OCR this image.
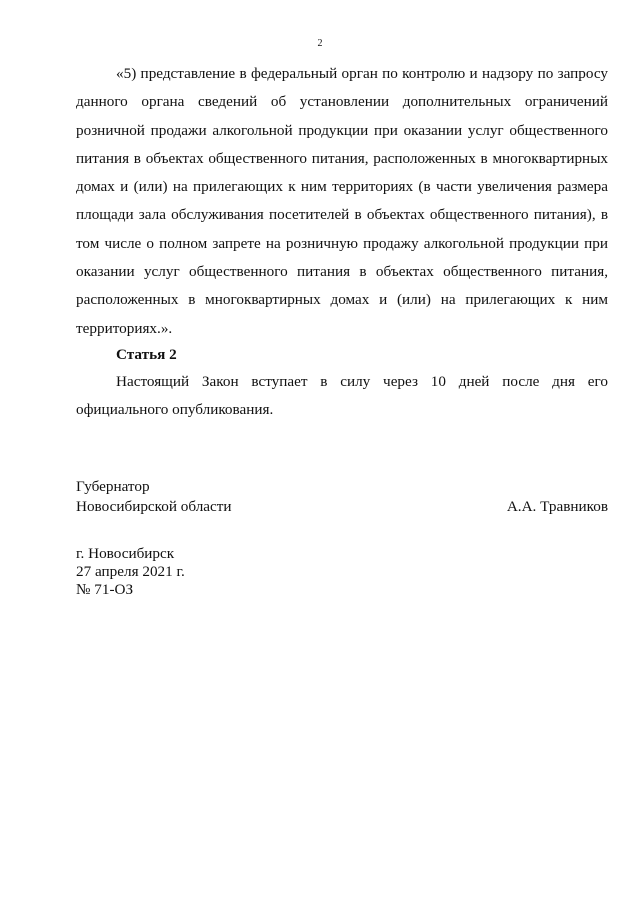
2

«5) представление в федеральный орган по контролю и надзору по запросу данного органа сведений об установлении дополнительных ограничений розничной продажи алкогольной продукции при оказании услуг общественного питания в объектах общественного питания, расположенных в многоквартирных домах и (или) на прилегающих к ним территориях (в части увеличения размера площади зала обслуживания посетителей в объектах общественного питания), в том числе о полном запрете на розничную продажу алкогольной продукции при оказании услуг общественного питания в объектах общественного питания, расположенных в многоквартирных домах и (или) на прилегающих к ним территориях.».

Статья 2

Настоящий Закон вступает в силу через 10 дней после дня его официального опубликования.

Губернатор
Новосибирской области	А.А. Травников
г. Новосибирск
27 апреля 2021 г.
№ 71-ОЗ
